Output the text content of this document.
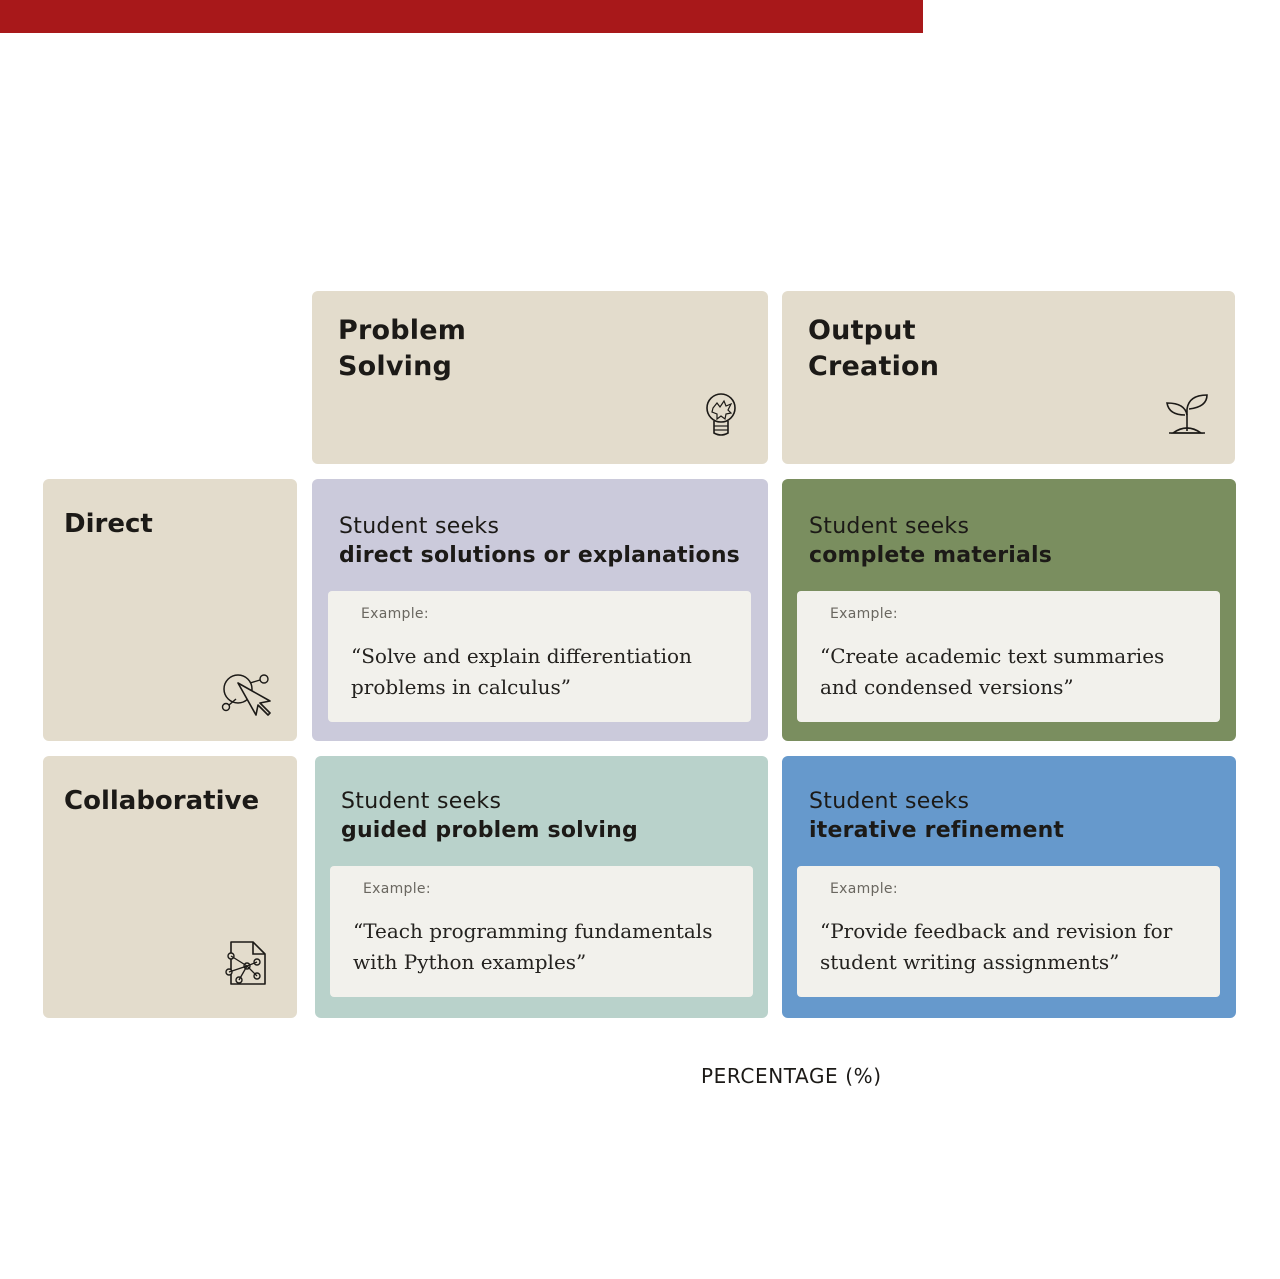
Problem
Solving
Output
Creation
Direct
Collaborative
Student seeks
direct solutions or explanations
Example:
“Solve and explain differentiation
problems in calculus”
Student seeks
complete materials
Example:
“Create academic text summaries
and condensed versions”
Student seeks
guided problem solving
Example:
“Teach programming fundamentals
with Python examples”
Student seeks
iterative refinement
Example:
“Provide feedback and revision for
student writing assignments”
PERCENTAGE (%)
